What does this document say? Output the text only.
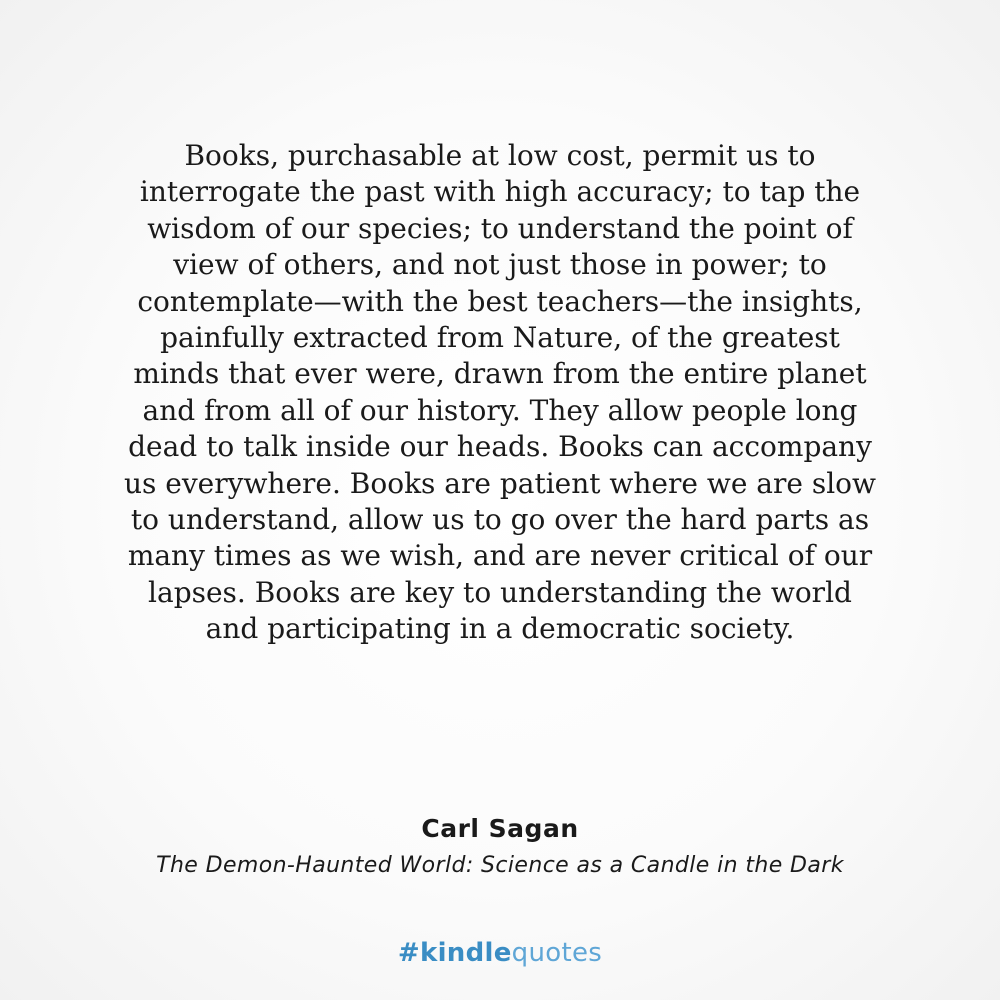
Books, purchasable at low cost, permit us to
interrogate the past with high accuracy; to tap the
wisdom of our species; to understand the point of
view of others, and not just those in power; to
contemplate—with the best teachers—the insights,
painfully extracted from Nature, of the greatest
minds that ever were, drawn from the entire planet
and from all of our history. They allow people long
dead to talk inside our heads. Books can accompany
us everywhere. Books are patient where we are slow
to understand, allow us to go over the hard parts as
many times as we wish, and are never critical of our
lapses. Books are key to understanding the world
and participating in a democratic society.

Carl Sagan
The Demon-Haunted World: Science as a Candle in the Dark
#kindlequotes
